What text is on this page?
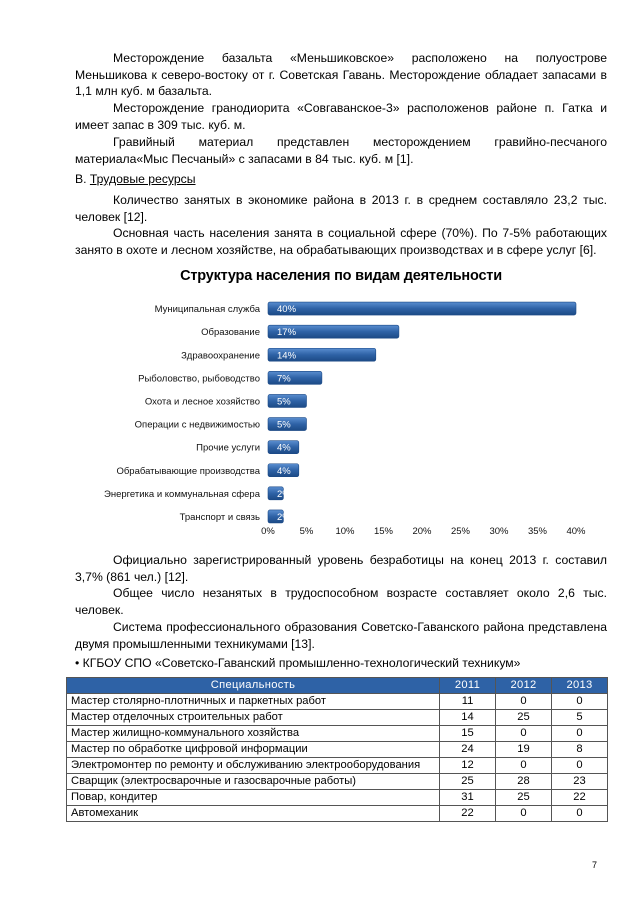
Месторождение базальта «Меньшиковское» расположено на полуострове Меньшикова к северо-востоку от г. Советская Гавань. Месторождение обладает запасами в 1,1 млн куб. м базальта.

Месторождение гранодиорита «Совгаванское-3» расположенов районе п. Гатка и имеет запас в 309 тыс. куб. м.

Гравийный материал представлен месторождением гравийно-песчаного материала«Мыс Песчаный» с запасами в 84 тыс. куб. м [1].

В. Трудовые ресурсы

Количество занятых в экономике района в 2013 г. в среднем составляло 23,2 тыс. человек [12].

Основная часть населения занята в социальной сфере (70%). По 7-5% работающих занято в охоте и лесном хозяйстве, на обрабатывающих производствах и в сфере услуг [6].

Структура населения по видам деятельности
Муниципальная служба 40%
Образование 17%
Здравоохранение 14%
Рыболовство, рыбоводство 7%
Охота и лесное хозяйство 5%
Операции с недвижимостью 5%
Прочие услуги 4%
Обрабатывающие производства 4%
Энергетика и коммунальная сфера 2%
Транспорт и связь 2%
0%	5% 10% 15% 20% 25% 30% 35% 40%

Официально зарегистрированный уровень безработицы на конец 2013 г. составил 3,7% (861 чел.) [12].

Общее число незанятых в трудоспособном возрасте составляет около 2,6 тыс. человек.

Система профессионального образования Советско-Гаванского района представлена двумя промышленными техникумами [13].

• КГБОУ СПО «Советско-Гаванский промышленно-технологический техникум»
Специальность	2011	2012	2013
Мастер столярно-плотничных и паркетных работ	11	0	0
Мастер отделочных строительных работ	14	25	5
Мастер жилищно-коммунального хозяйства	15	0	0
Мастер по обработке цифровой информации	24	19	8
Электромонтер по ремонту и обслуживанию электрооборудования	12	0	0
Сварщик (электросварочные и газосварочные работы)	25	28	23
Повар, кондитер	31	25	22
Автомеханик	22	0	0
7
